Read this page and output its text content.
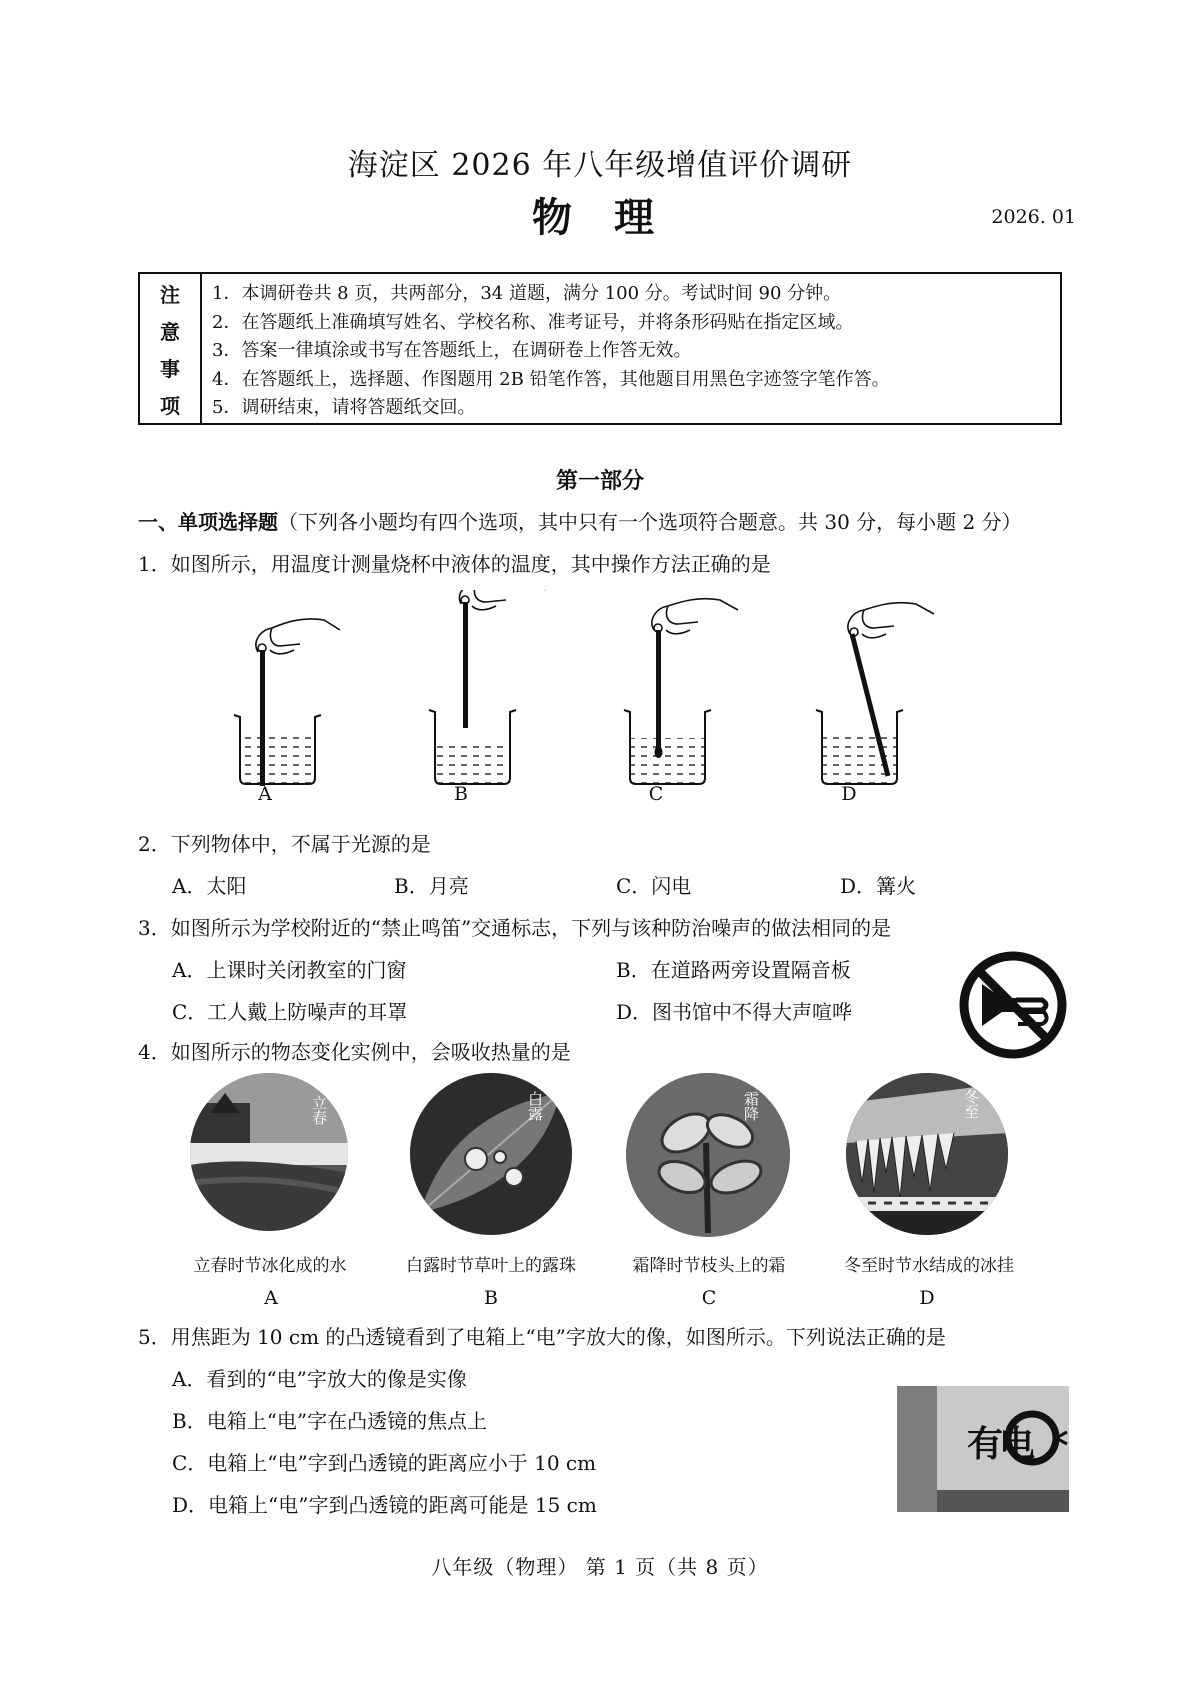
海淀区 2026 年八年级增值评价调研
物 理	2026. 01
注
意
事
项
1．本调研卷共 8 页，共两部分，34 道题，满分 100 分。考试时间 90 分钟。
2．在答题纸上准确填写姓名、学校名称、准考证号，并将条形码贴在指定区域。
3．答案一律填涂或书写在答题纸上，在调研卷上作答无效。
4．在答题纸上，选择题、作图题用 2B 铅笔作答，其他题目用黑色字迹签字笔作答。
5．调研结束，请将答题纸交回。
第一部分
一、单项选择题（下列各小题均有四个选项，其中只有一个选项符合题意。共 30 分，每小题 2 分）
1．如图所示，用温度计测量烧杯中液体的温度，其中操作方法正确的是
A	B	C	D
2．下列物体中，不属于光源的是
A．太阳	B．月亮	C．闪电	D．篝火
3．如图所示为学校附近的“禁止鸣笛”交通标志，下列与该种防治噪声的做法相同的是
A．上课时关闭教室的门窗	B．在道路两旁设置隔音板
C．工人戴上防噪声的耳罩	D．图书馆中不得大声喧哗
4．如图所示的物态变化实例中，会吸收热量的是
立春	白露	霜降	冬至
立春时节冰化成的水	白露时节草叶上的露珠	霜降时节枝头上的霜	冬至时节水结成的冰挂
A	B	C	D
5．用焦距为 10 cm 的凸透镜看到了电箱上“电”字放大的像，如图所示。下列说法正确的是
A．看到的“电”字放大的像是实像
B．电箱上“电”字在凸透镜的焦点上
C．电箱上“电”字到凸透镜的距离应小于 10 cm
D．电箱上“电”字到凸透镜的距离可能是 15 cm
有电
八年级（物理） 第 1 页（共 8 页）
